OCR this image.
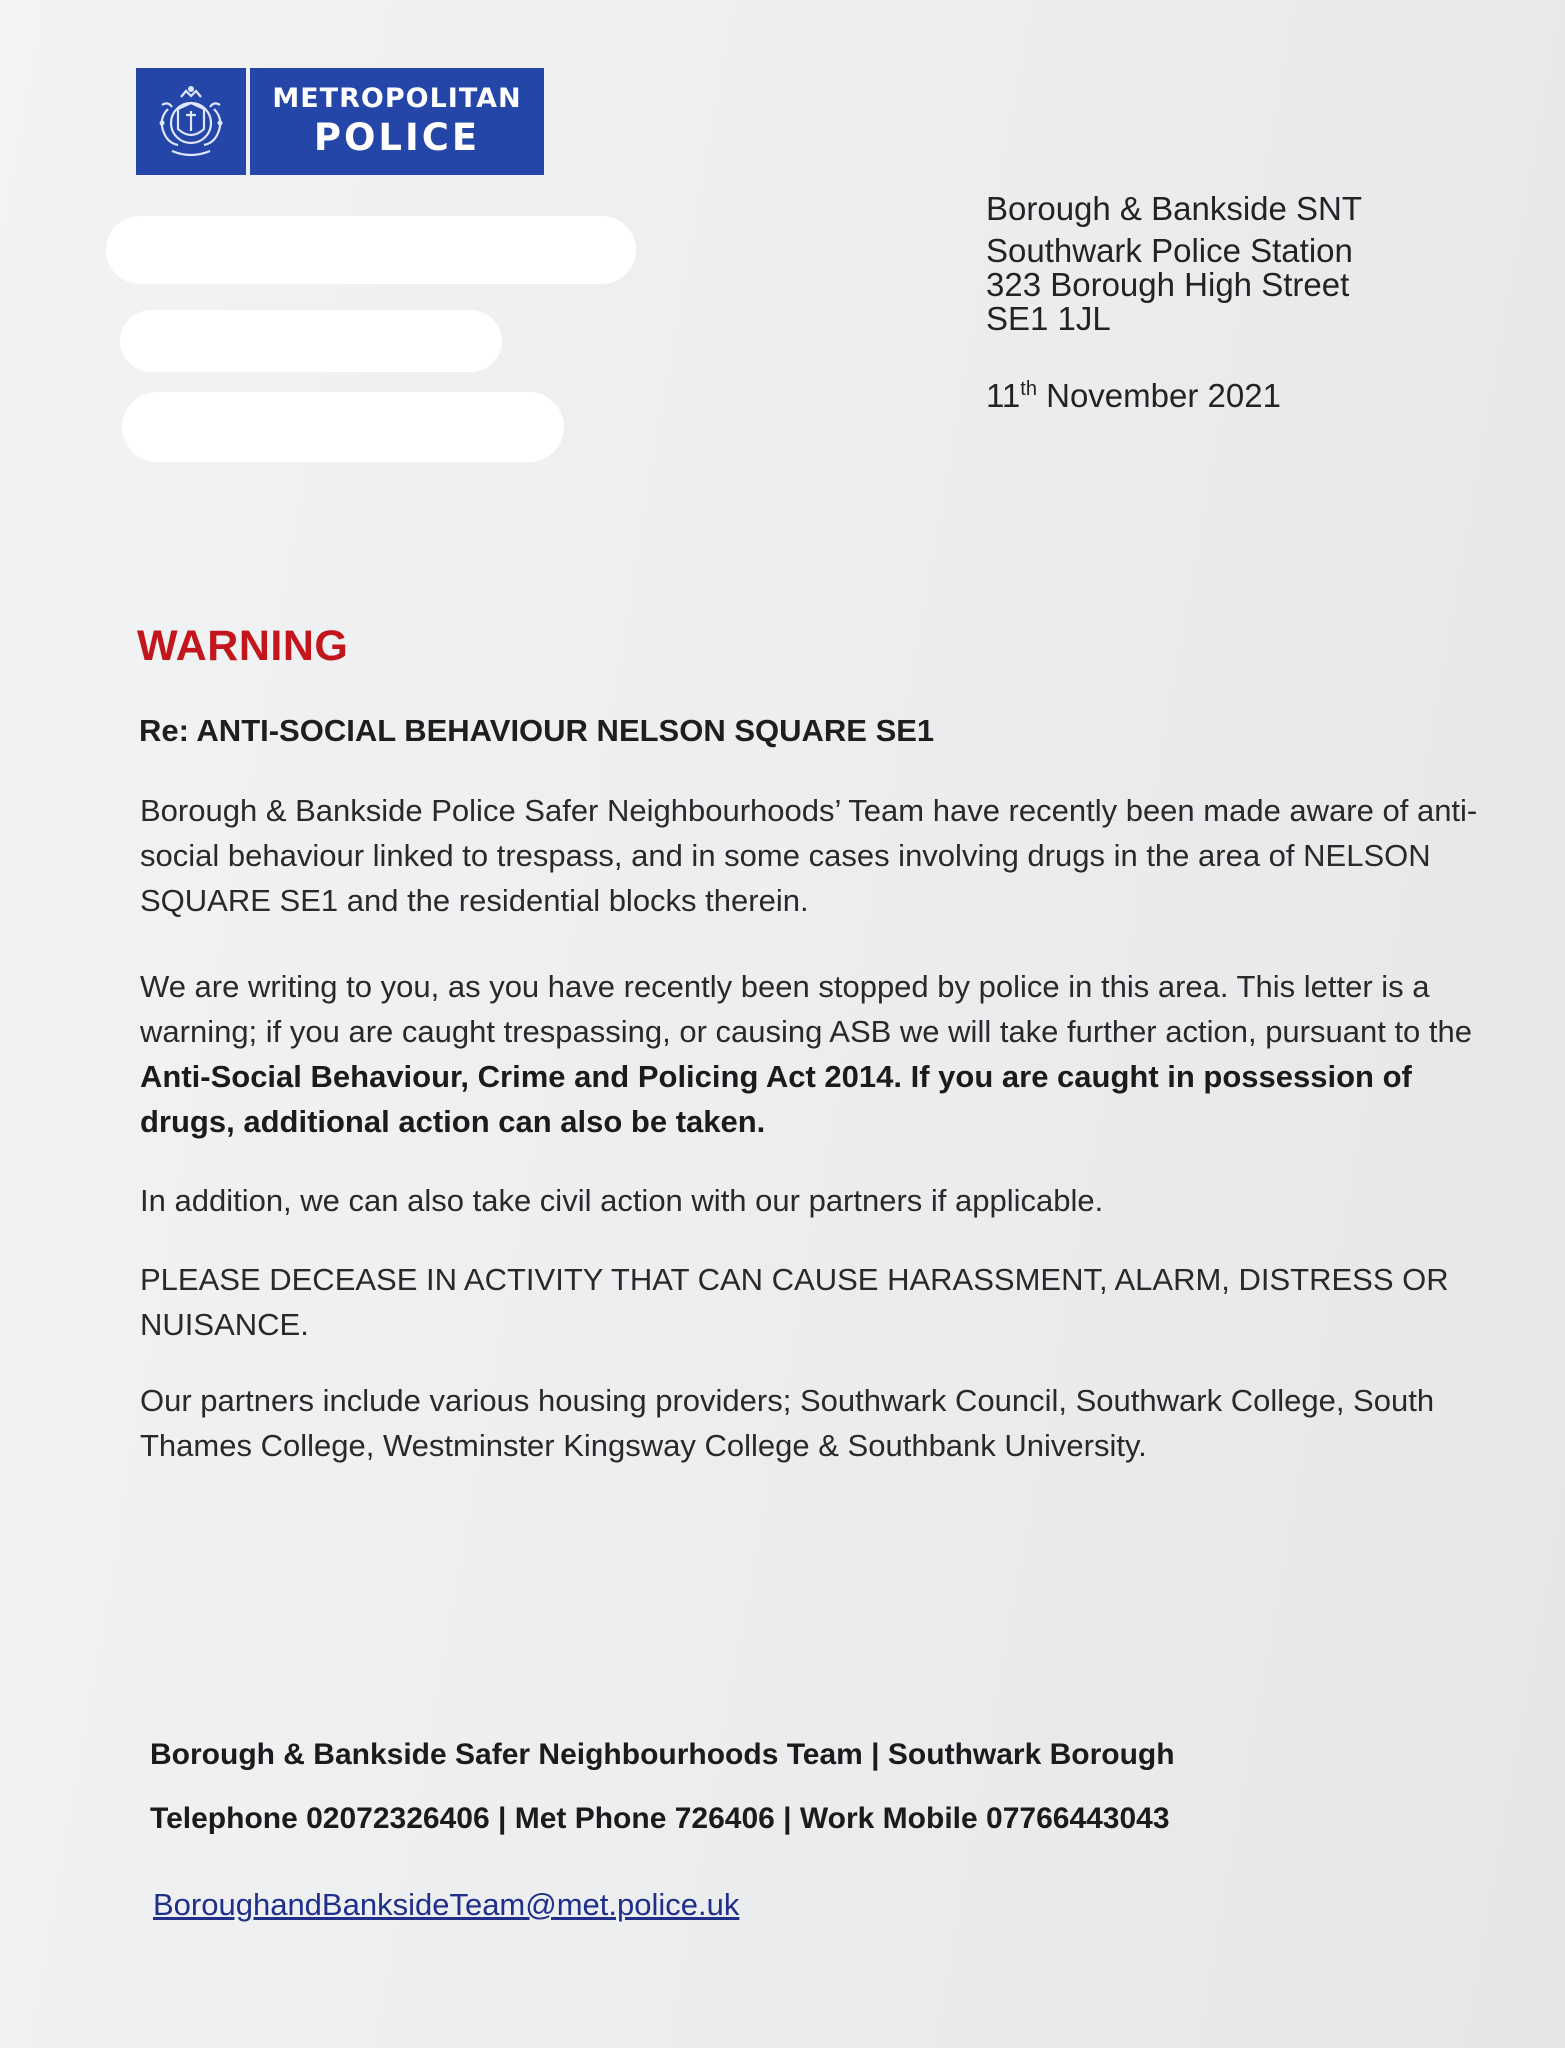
METROPOLITAN
POLICE
Borough & Bankside SNT
Southwark Police Station
323 Borough High Street
SE1 1JL
11th November 2021
WARNING
Re: ANTI-SOCIAL BEHAVIOUR NELSON SQUARE SE1
Borough & Bankside Police Safer Neighbourhoods’ Team have recently been made aware of anti-social behaviour linked to trespass, and in some cases involving drugs in the area of NELSON SQUARE SE1 and the residential blocks therein.
We are writing to you, as you have recently been stopped by police in this area. This letter is a warning; if you are caught trespassing, or causing ASB we will take further action, pursuant to the Anti-Social Behaviour, Crime and Policing Act 2014. If you are caught in possession of drugs, additional action can also be taken.
In addition, we can also take civil action with our partners if applicable.
PLEASE DECEASE IN ACTIVITY THAT CAN CAUSE HARASSMENT, ALARM, DISTRESS OR NUISANCE.
Our partners include various housing providers; Southwark Council, Southwark College, South Thames College, Westminster Kingsway College & Southbank University.
Borough & Bankside Safer Neighbourhoods Team | Southwark Borough
Telephone 02072326406 | Met Phone 726406 | Work Mobile 07766443043
BoroughandBanksideTeam@met.police.uk
